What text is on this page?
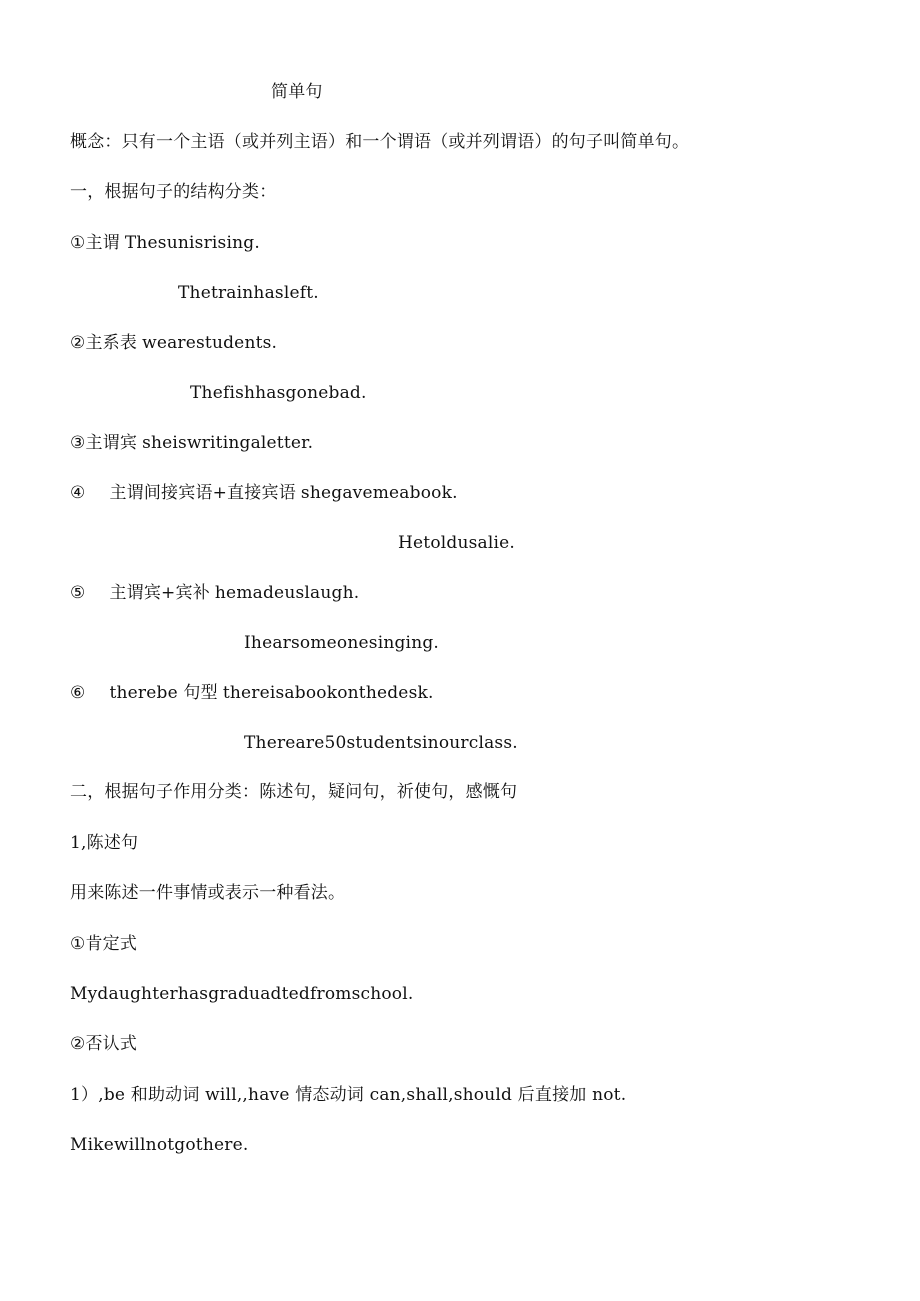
简单句
概念：只有一个主语（或并列主语）和一个谓语（或并列谓语）的句子叫简单句。
一，根据句子的结构分类：
①主谓 Thesunisrising.
Thetrainhasleft.
②主系表 wearestudents.
Thefishhasgonebad.
③主谓宾 sheiswritingaletter.
④ 主谓间接宾语+直接宾语 shegavemeabook.
Hetoldusalie.
⑤ 主谓宾+宾补 hemadeuslaugh.
Ihearsomeonesinging.
⑥ therebe 句型 thereisabookonthedesk.
Thereare50studentsinourclass.
二，根据句子作用分类：陈述句，疑问句，祈使句，感慨句
1,陈述句
用来陈述一件事情或表示一种看法。
①肯定式
Mydaughterhasgraduadtedfromschool.
②否认式
1）,be 和助动词 will,,have 情态动词 can,shall,should 后直接加 not.
Mikewillnotgothere.
